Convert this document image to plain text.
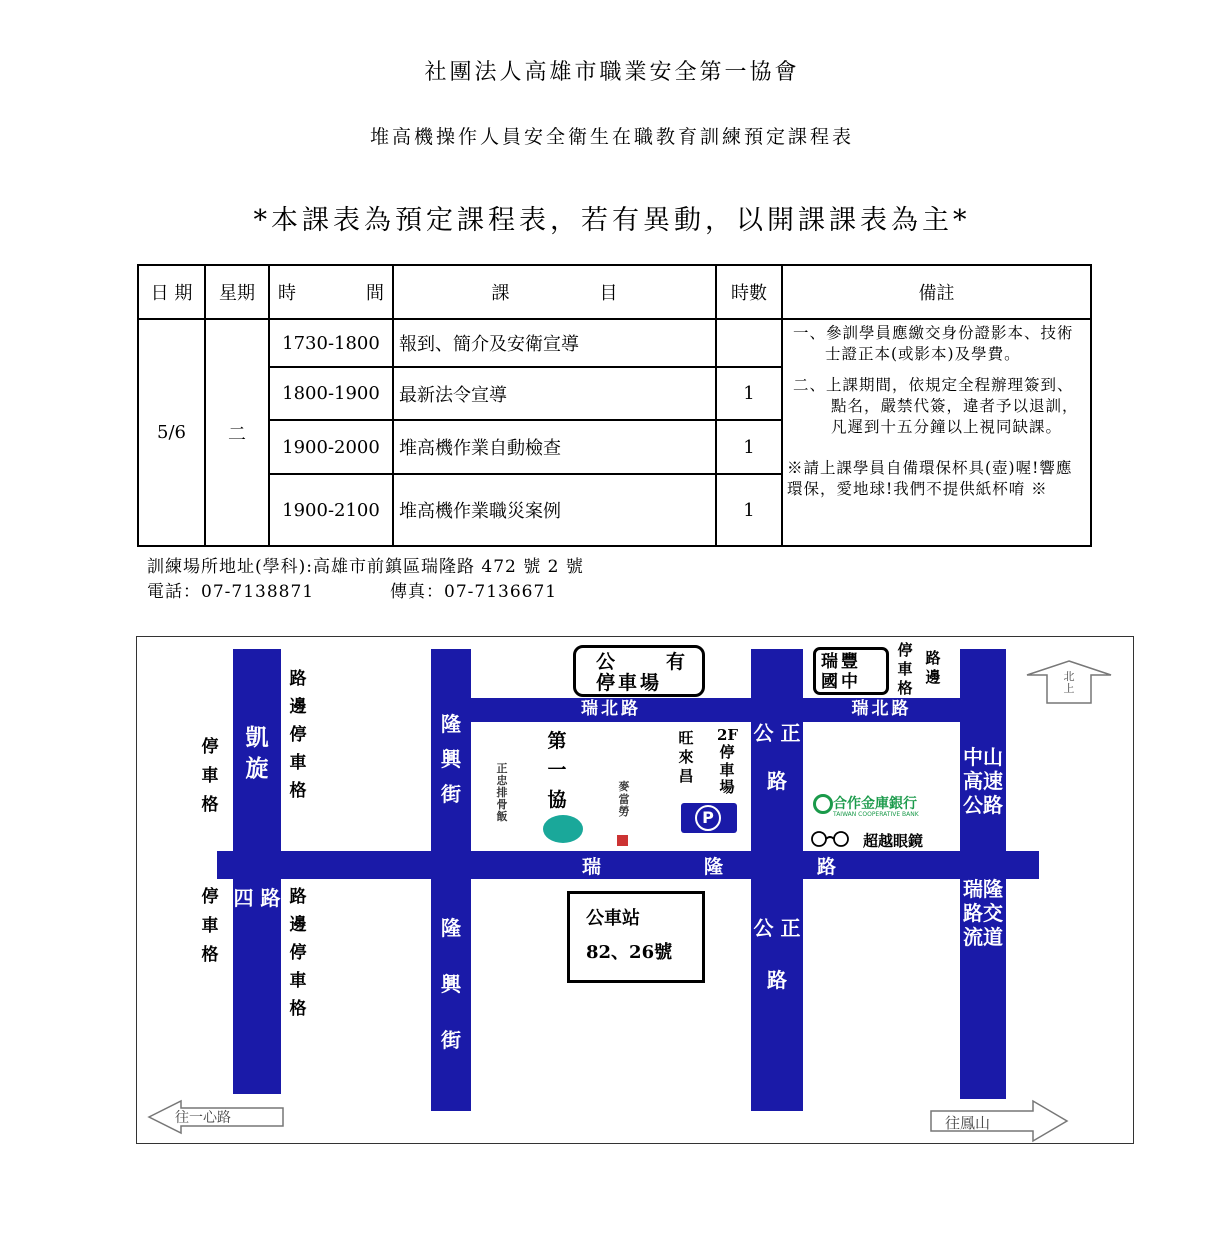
社團法人高雄市職業安全第一協會
堆高機操作人員安全衛生在職教育訓練預定課程表
*本課表為預定課程表，若有異動，以開課課表為主*
日 期	星期	時 間	課 目	時數	備註
5/6	二	1730-1800	報到、簡介及安衛宣導		一、參訓學員應繳交身份證影本、技術士證正本(或影本)及學費。
二、上課期間，依規定全程辦理簽到、點名，嚴禁代簽，違者予以退訓，凡遲到十五分鐘以上視同缺課。
※請上課學員自備環保杯具(壺)喔!響應環保，愛地球!我們不提供紙杯唷 ※

		1800-1900	最新法令宣導	1	
		1900-2000	堆高機作業自動檢查	1	
		1900-2100	堆高機作業職災案例	1	
訓練場所地址(學科):高雄市前鎮區瑞隆路 472 號 2 號
電話：07-7138871	傳真：07-7136671
凱 旋
四 路
隆 興 街
隆 興 街
公 正 路
公 正 路
中山高速公路
瑞隆路交流道
瑞	隆	路
瑞北路	瑞北路
路 邊 停 車 格
停 車 格
路 邊 停 車 格
停 車 格
公	有
停車場
瑞豐
國中
停車格
路邊	北上
第一協
正忠排骨飯
麥當勞
旺來昌
2F停車場
P
合作金庫銀行
TAIWAN COOPERATIVE BANK
超越眼鏡
公車站
82、26號
往一心路	往鳳山
